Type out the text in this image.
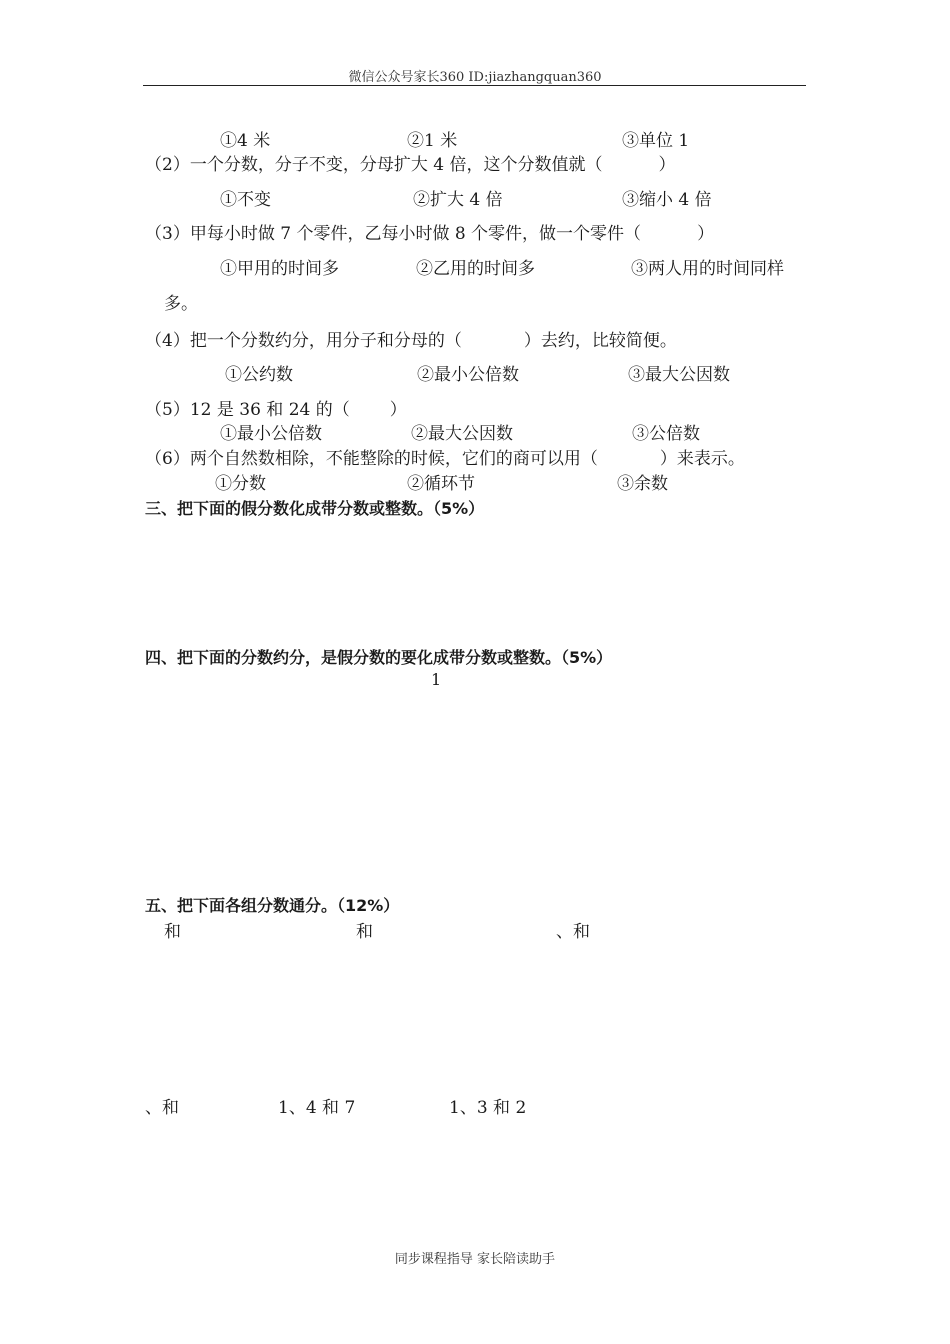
微信公众号家长360 ID:jiazhangquan360
①4 米	②1 米	③单位 1
（2）一个分数，分子不变，分母扩大 4 倍，这个分数值就（	）
①不变	②扩大 4 倍	③缩小 4 倍
（3）甲每小时做 7 个零件，乙每小时做 8 个零件，做一个零件（	）
①甲用的时间多	②乙用的时间多	③两人用的时间同样
多。
（4）把一个分数约分，用分子和分母的（	）去约，比较简便。
①公约数	②最小公倍数	③最大公因数
（5）12 是 36 和 24 的（ ）
①最小公倍数	②最大公因数	③公倍数
（6）两个自然数相除，不能整除的时候，它们的商可以用（	）来表示。
①分数	②循环节	③余数
三、把下面的假分数化成带分数或整数。（5%）
四、把下面的分数约分，是假分数的要化成带分数或整数。（5%）
1
五、把下面各组分数通分。（12%）
和	和	、和
、和	1、4 和 7	1、3 和 2
同步课程指导 家长陪读助手
